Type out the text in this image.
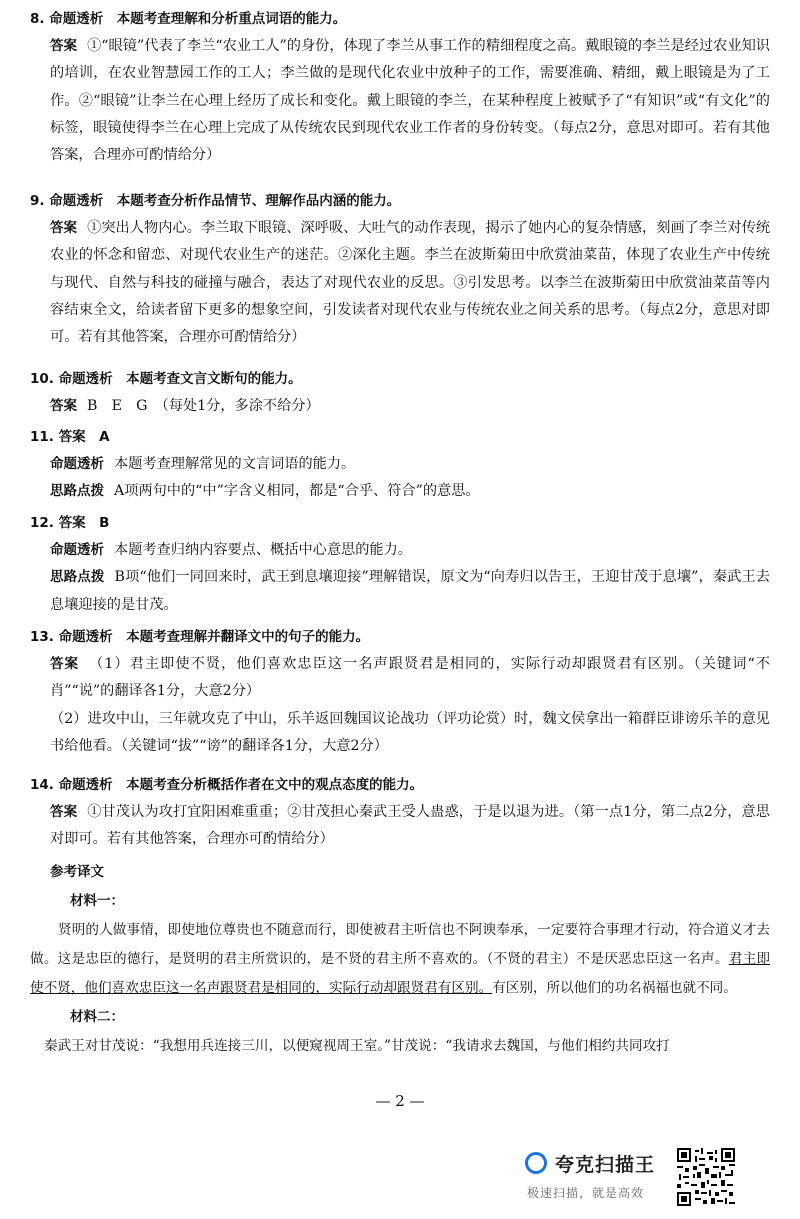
8. 命题透析　本题考查理解和分析重点词语的能力。
答案 ①“眼镜”代表了李兰“农业工人”的身份，体现了李兰从事工作的精细程度之高。戴眼镜的李兰是经过农业知识的培训，在农业智慧园工作的工人；李兰做的是现代化农业中放种子的工作，需要准确、精细，戴上眼镜是为了工作。②“眼镜”让李兰在心理上经历了成长和变化。戴上眼镜的李兰，在某种程度上被赋予了“有知识”或“有文化”的标签，眼镜使得李兰在心理上完成了从传统农民到现代农业工作者的身份转变。（每点2分，意思对即可。若有其他答案，合理亦可酌情给分）
9. 命题透析　本题考查分析作品情节、理解作品内涵的能力。
答案 ①突出人物内心。李兰取下眼镜、深呼吸、大吐气的动作表现，揭示了她内心的复杂情感，刻画了李兰对传统农业的怀念和留恋、对现代农业生产的迷茫。②深化主题。李兰在波斯菊田中欣赏油菜苗，体现了农业生产中传统与现代、自然与科技的碰撞与融合，表达了对现代农业的反思。③引发思考。以李兰在波斯菊田中欣赏油菜苗等内容结束全文，给读者留下更多的想象空间，引发读者对现代农业与传统农业之间关系的思考。（每点2分，意思对即可。若有其他答案，合理亦可酌情给分）
10. 命题透析　本题考查文言文断句的能力。
答案 B　E　G　（每处1分，多涂不给分）
11. 答案　A
命题透析 本题考查理解常见的文言词语的能力。
思路点拨 A项两句中的“中”字含义相同，都是“合乎、符合”的意思。
12. 答案　B
命题透析 本题考查归纳内容要点、概括中心意思的能力。
思路点拨 B项“他们一同回来时，武王到息壤迎接”理解错误，原文为“向寿归以告王，王迎甘茂于息壤”，秦武王去息壤迎接的是甘茂。
13. 命题透析　本题考查理解并翻译文中的句子的能力。
答案 （1）君主即使不贤，他们喜欢忠臣这一名声跟贤君是相同的，实际行动却跟贤君有区别。（关键词“不肖”“说”的翻译各1分，大意2分）
（2）进攻中山，三年就攻克了中山，乐羊返回魏国议论战功（评功论赏）时，魏文侯拿出一箱群臣诽谤乐羊的意见书给他看。（关键词“拔”“谤”的翻译各1分，大意2分）
14. 命题透析　本题考查分析概括作者在文中的观点态度的能力。
答案 ①甘茂认为攻打宜阳困难重重；②甘茂担心秦武王受人蛊惑，于是以退为进。（第一点1分，第二点2分，意思对即可。若有其他答案，合理亦可酌情给分）
参考译文
材料一：
贤明的人做事情，即使地位尊贵也不随意而行，即使被君主听信也不阿谀奉承，一定要符合事理才行动，符合道义才去做。这是忠臣的德行，是贤明的君主所赏识的，是不贤的君主所不喜欢的。（不贤的君主）不是厌恶忠臣这一名声。君主即使不贤，他们喜欢忠臣这一名声跟贤君是相同的，实际行动却跟贤君有区别。有区别，所以他们的功名祸福也就不同。
材料二：
秦武王对甘茂说：“我想用兵连接三川，以便窥视周王室。”甘茂说：“我请求去魏国，与他们相约共同攻打
— 2 —
夸克扫描王
极速扫描，就是高效
